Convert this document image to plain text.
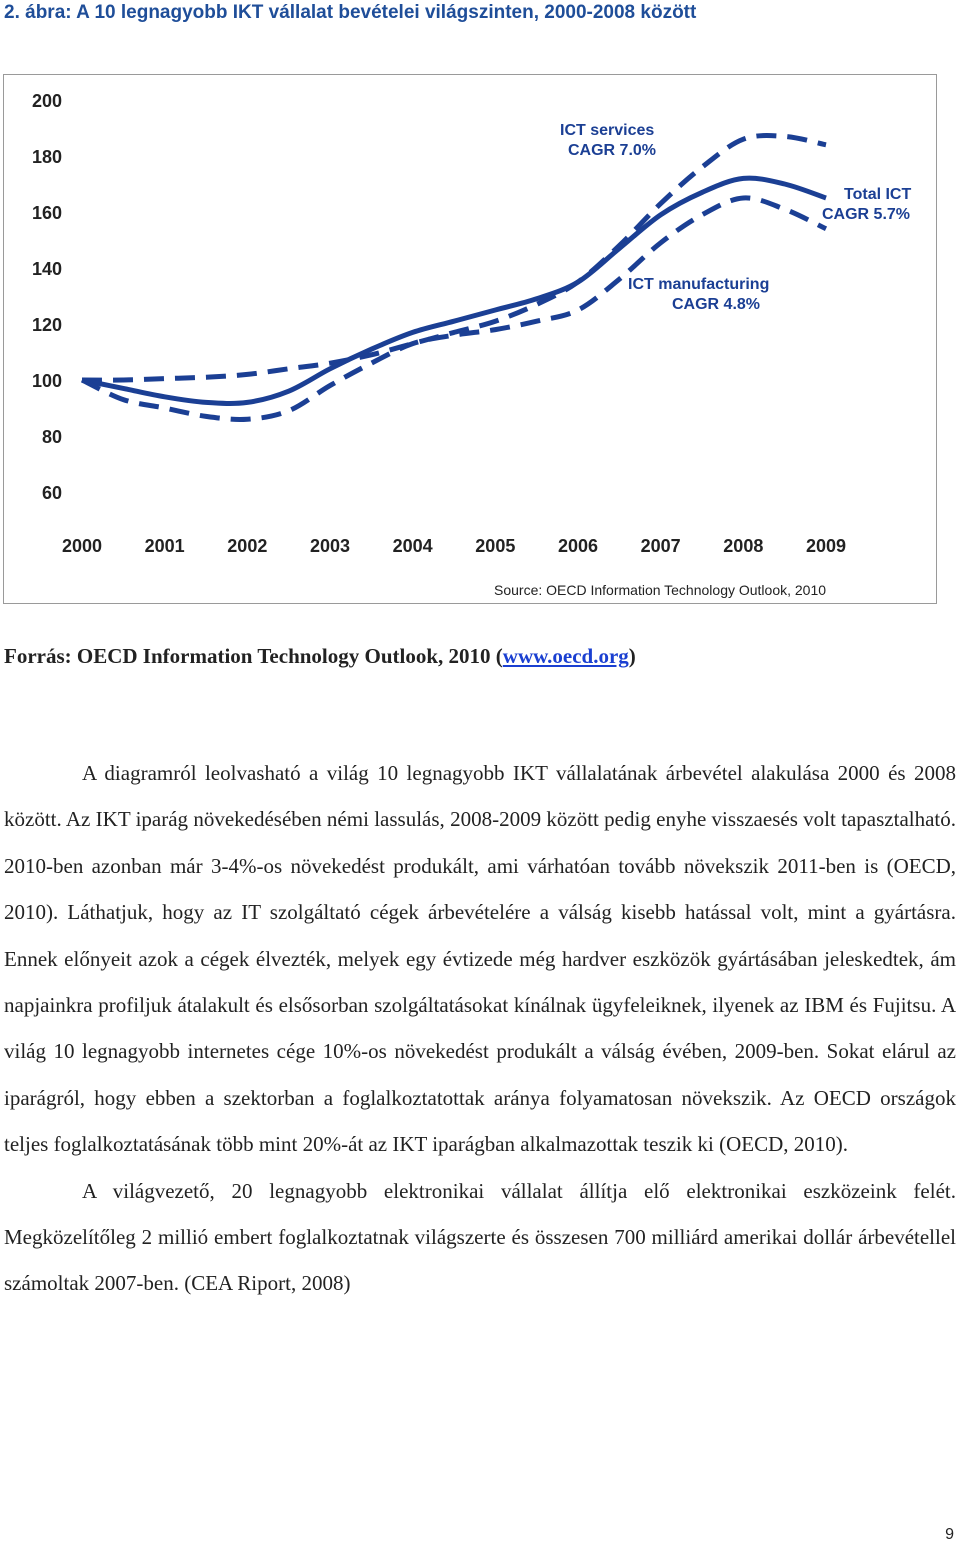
2. ábra: A 10 legnagyobb IKT vállalat bevételei világszinten, 2000-2008 között
200
180
160
140
120
100
80
60
2000 2001 2002 2003 2004 2005 2006 2007 2008 2009
ICT services
CAGR 7.0%
Total ICT
CAGR 5.7%
ICT manufacturing
CAGR 4.8%
Source: OECD Information Technology Outlook, 2010
Forrás: OECD Information Technology Outlook, 2010 (www.oecd.org)

A diagramról leolvasható a világ 10 legnagyobb IKT vállalatának árbevétel alakulása 2000 és 2008 között. Az IKT iparág növekedésében némi lassulás, 2008-2009 között pedig enyhe visszaesés volt tapasztalható. 2010-ben azonban már 3-4%-os növekedést produkált, ami várhatóan tovább növekszik 2011-ben is (OECD, 2010). Láthatjuk, hogy az IT szolgáltató cégek árbevételére a válság kisebb hatással volt, mint a gyártásra. Ennek előnyeit azok a cégek élvezték, melyek egy évtizede még hardver eszközök gyártásában jeleskedtek, ám napjainkra profiljuk átalakult és elsősorban szolgáltatásokat kínálnak ügyfeleiknek, ilyenek az IBM és Fujitsu. A világ 10 legnagyobb internetes cége 10%-os növekedést produkált a válság évében, 2009-ben. Sokat elárul az iparágról, hogy ebben a szektorban a foglalkoztatottak aránya folyamatosan növekszik. Az OECD országok teljes foglalkoztatásának több mint 20%-át az IKT iparágban alkalmazottak teszik ki (OECD, 2010).

A világvezető, 20 legnagyobb elektronikai vállalat állítja elő elektronikai eszközeink felét. Megközelítőleg 2 millió embert foglalkoztatnak világszerte és összesen 700 milliárd amerikai dollár árbevétellel számoltak 2007-ben. (CEA Riport, 2008)

9
